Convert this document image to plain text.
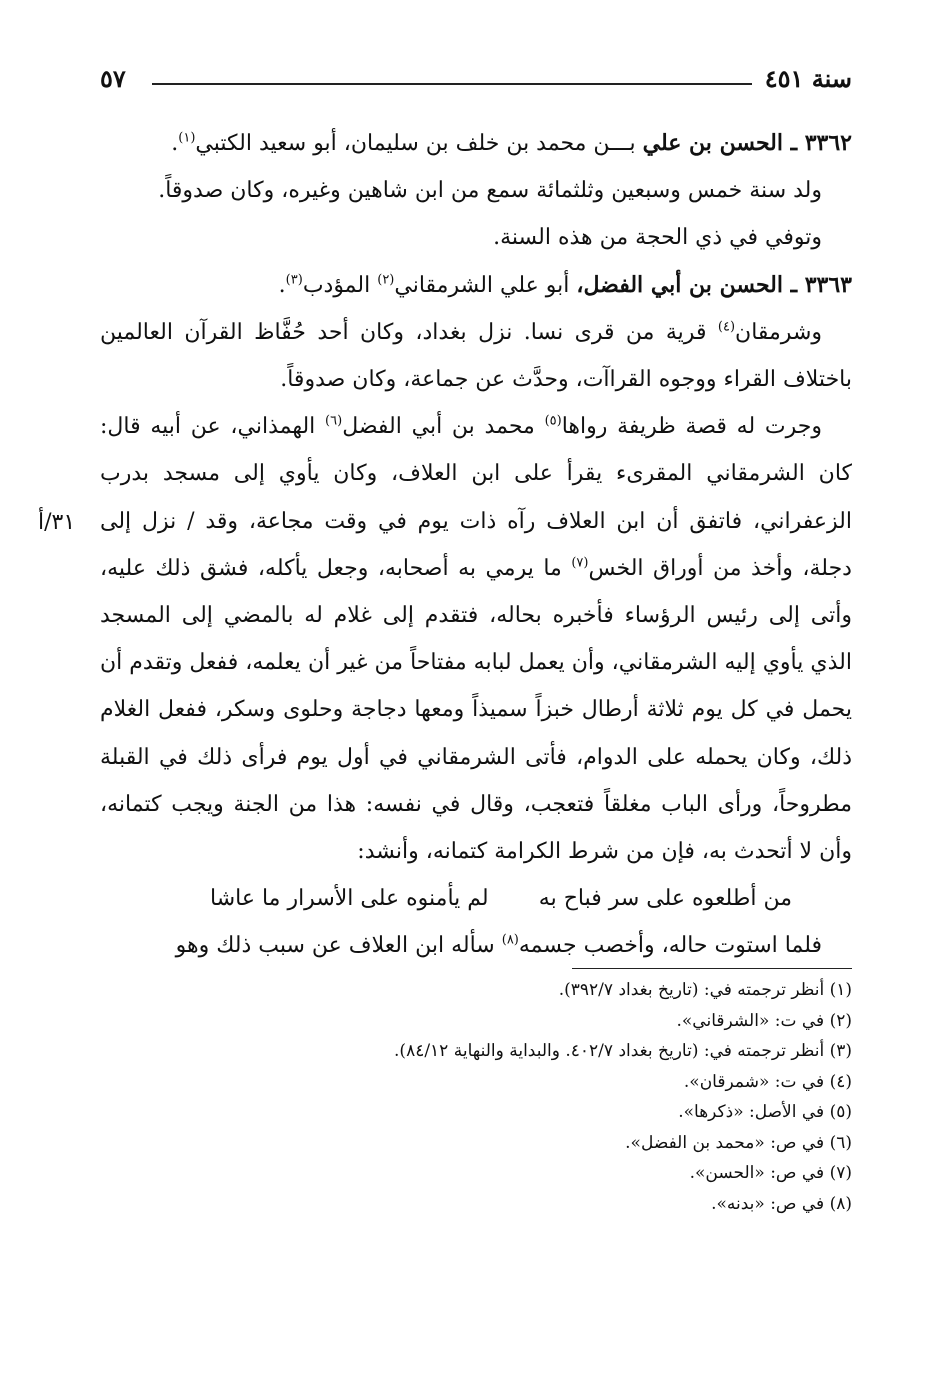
سنة ٤٥١
٥٧
٣١/أ

٣٣٦٢ ـ الحسن بن علي بـــن محمد بن خلف بن سليمان، أبو سعيد الكتبي$^{(١)}$.

ولد سنة خمس وسبعين وثلثمائة سمع من ابن شاهين وغيره، وكان صدوقاً.

وتوفي في ذي الحجة من هذه السنة.

٣٣٦٣ ـ الحسن بن أبي الفضل، أبو علي الشرمقاني$^{(٢)}$ المؤدب$^{(٣)}$.

وشرمقان$^{(٤)}$ قرية من قرى نسا. نزل بغداد، وكان أحد حُفَّاظ القرآن العالمين باختلاف القراء ووجوه القراآت، وحدَّث عن جماعة، وكان صدوقاً.

وجرت له قصة ظريفة رواها$^{(٥)}$ محمد بن أبي الفضل$^{(٦)}$ الهمذاني، عن أبيه قال: كان الشرمقاني المقرىء يقرأ على ابن العلاف، وكان يأوي إلى مسجد بدرب الزعفراني، فاتفق أن ابن العلاف رآه ذات يوم في وقت مجاعة، وقد / نزل إلى دجلة، وأخذ من أوراق الخس$^{(٧)}$ ما يرمي به أصحابه، وجعل يأكله، فشق ذلك عليه، وأتى إلى رئيس الرؤساء فأخبره بحاله، فتقدم إلى غلام له بالمضي إلى المسجد الذي يأوي إليه الشرمقاني، وأن يعمل لبابه مفتاحاً من غير أن يعلمه، ففعل وتقدم أن يحمل في كل يوم ثلاثة أرطال خبزاً سميذاً ومعها دجاجة وحلوى وسكر، ففعل الغلام ذلك، وكان يحمله على الدوام، فأتى الشرمقاني في أول يوم فرأى ذلك في القبلة مطروحاً، ورأى الباب مغلقاً فتعجب، وقال في نفسه: هذا من الجنة ويجب كتمانه، وأن لا أتحدث به، فإن من شرط الكرامة كتمانه، وأنشد:

من أطلعوه على سر فباح به
لم يأمنوه على الأسرار ما عاشا

فلما استوت حاله، وأخصب جسمه$^{(٨)}$ سأله ابن العلاف عن سبب ذلك وهو

(١) أنظر ترجمته في: (تاريخ بغداد ٣٩٢/٧).
(٢) في ت: «الشرقاني».
(٣) أنظر ترجمته في: (تاريخ بغداد ٤٠٢/٧. والبداية والنهاية ٨٤/١٢).
(٤) في ت: «شمرقان».
(٥) في الأصل: «ذكرها».
(٦) في ص: «محمد بن الفضل».
(٧) في ص: «الحسن».
(٨) في ص: «بدنه».
